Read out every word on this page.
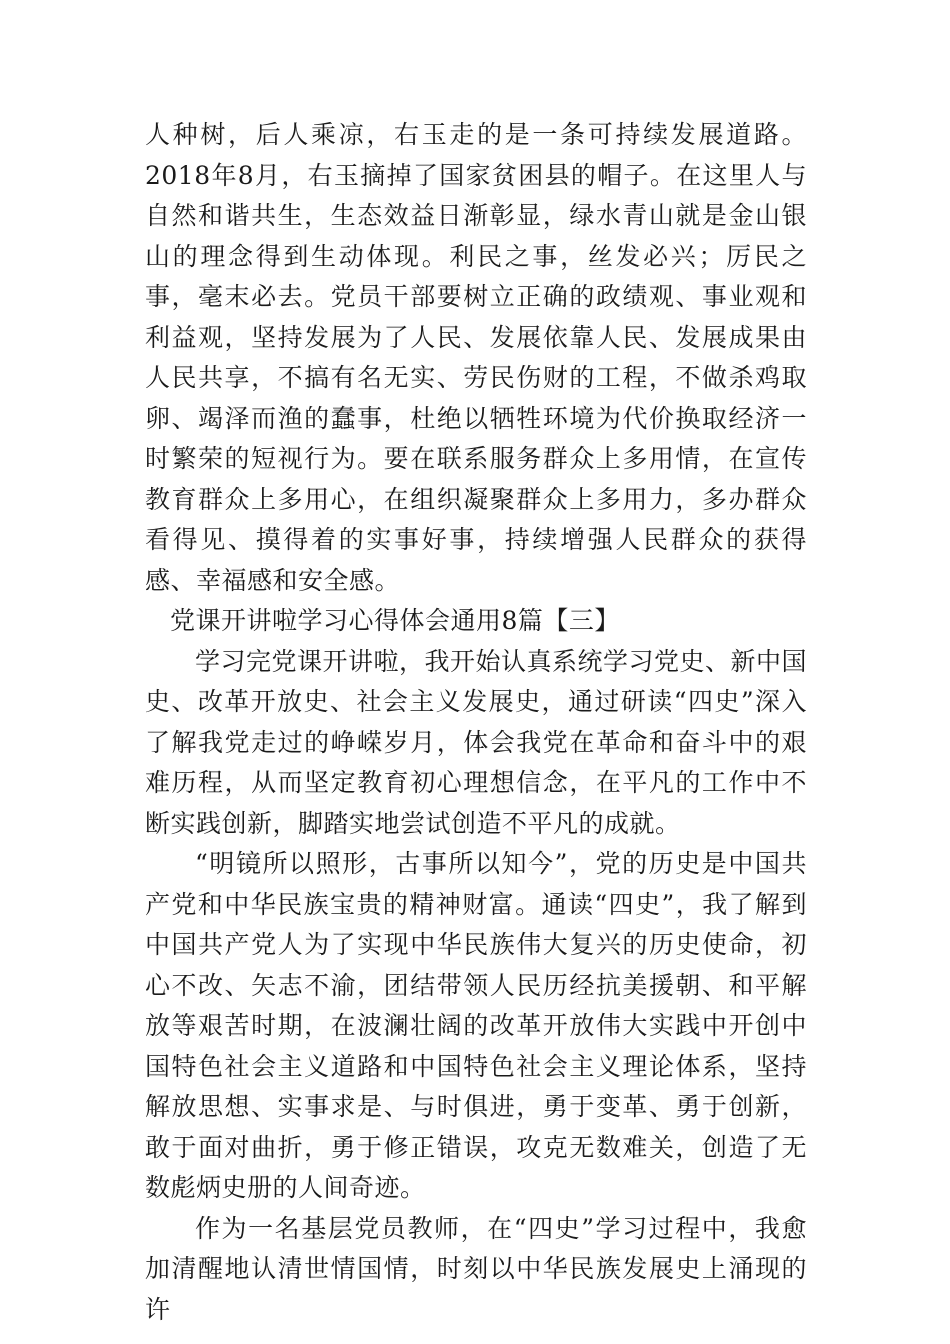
人种树，后人乘凉，右玉走的是一条可持续发展道路。2018年8月，右玉摘掉了国家贫困县的帽子。在这里人与自然和谐共生，生态效益日渐彰显，绿水青山就是金山银山的理念得到生动体现。利民之事，丝发必兴；厉民之事，毫末必去。党员干部要树立正确的政绩观、事业观和利益观，坚持发展为了人民、发展依靠人民、发展成果由人民共享，不搞有名无实、劳民伤财的工程，不做杀鸡取卵、竭泽而渔的蠢事，杜绝以牺牲环境为代价换取经济一时繁荣的短视行为。要在联系服务群众上多用情，在宣传教育群众上多用心，在组织凝聚群众上多用力，多办群众看得见、摸得着的实事好事，持续增强人民群众的获得感、幸福感和安全感。

党课开讲啦学习心得体会通用8篇【三】

学习完党课开讲啦，我开始认真系统学习党史、新中国史、改革开放史、社会主义发展史，通过研读“四史”深入了解我党走过的峥嵘岁月，体会我党在革命和奋斗中的艰难历程，从而坚定教育初心理想信念，在平凡的工作中不断实践创新，脚踏实地尝试创造不平凡的成就。

“明镜所以照形，古事所以知今”，党的历史是中国共产党和中华民族宝贵的精神财富。通读“四史”，我了解到中国共产党人为了实现中华民族伟大复兴的历史使命，初心不改、矢志不渝，团结带领人民历经抗美援朝、和平解放等艰苦时期，在波澜壮阔的改革开放伟大实践中开创中国特色社会主义道路和中国特色社会主义理论体系，坚持解放思想、实事求是、与时俱进，勇于变革、勇于创新，敢于面对曲折，勇于修正错误，攻克无数难关，创造了无数彪炳史册的人间奇迹。

作为一名基层党员教师，在“四史”学习过程中，我愈加清醒地认清世情国情，时刻以中华民族发展史上涌现的许
